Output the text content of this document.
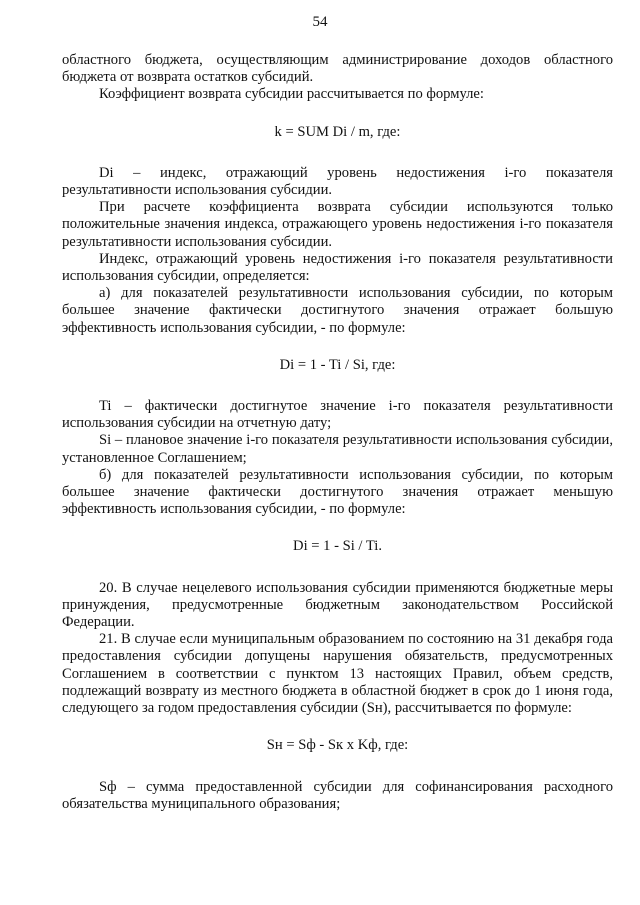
54

областного бюджета, осуществляющим администрирование доходов областного бюджета от возврата остатков субсидий.

Коэффициент возврата субсидии рассчитывается по формуле:

k = SUM Di / m, где:

Di – индекс, отражающий уровень недостижения i-го показателя результативности использования субсидии.

При расчете коэффициента возврата субсидии используются только положительные значения индекса, отражающего уровень недостижения i-го показателя результативности использования субсидии.

Индекс, отражающий уровень недостижения i-го показателя результативности использования субсидии, определяется:

а) для показателей результативности использования субсидии, по которым большее значение фактически достигнутого значения отражает большую эффективность использования субсидии, - по формуле:

Di = 1 - Ti / Si, где:

Ti – фактически достигнутое значение i-го показателя результативности использования субсидии на отчетную дату;

Si – плановое значение i-го показателя результативности использования субсидии, установленное Соглашением;

б) для показателей результативности использования субсидии, по которым большее значение фактически достигнутого значения отражает меньшую эффективность использования субсидии, - по формуле:

Di = 1 - Si / Ti.

20. В случае нецелевого использования субсидии применяются бюджетные меры принуждения, предусмотренные бюджетным законодательством Российской Федерации.

21. В случае если муниципальным образованием по состоянию на 31 декабря года предоставления субсидии допущены нарушения обязательств, предусмотренных Соглашением в соответствии с пунктом 13 настоящих Правил, объем средств, подлежащий возврату из местного бюджета в областной бюджет в срок до 1 июня года, следующего за годом предоставления субсидии (Sн), рассчитывается по формуле:

Sн = Sф - Sк x Kф, где:

Sф – сумма предоставленной субсидии для софинансирования расходного обязательства муниципального образования;
